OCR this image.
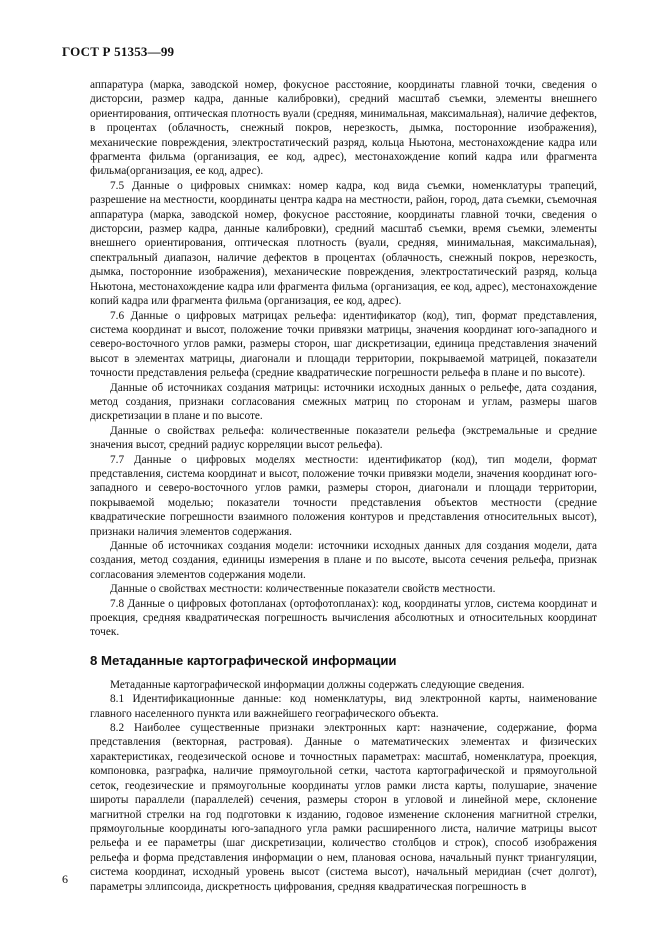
ГОСТ Р 51353—99

аппаратура (марка, заводской номер, фокусное расстояние, координаты главной точки, сведения о дисторсии, размер кадра, данные калибровки), средний масштаб съемки, элементы внешнего ориентирования, оптическая плотность вуали (средняя, минимальная, максимальная), наличие дефектов, в процентах (облачность, снежный покров, нерезкость, дымка, посторонние изображения), механические повреждения, электростатический разряд, кольца Ньютона, местонахождение кадра или фрагмента фильма (организация, ее код, адрес), местонахождение копий кадра или фрагмента фильма(организация, ее код, адрес).

7.5 Данные о цифровых снимках: номер кадра, код вида съемки, номенклатуры трапеций, разрешение на местности, координаты центра кадра на местности, район, город, дата съемки, съемочная аппаратура (марка, заводской номер, фокусное расстояние, координаты главной точки, сведения о дисторсии, размер кадра, данные калибровки), средний масштаб съемки, время съемки, элементы внешнего ориентирования, оптическая плотность (вуали, средняя, минимальная, максимальная), спектральный диапазон, наличие дефектов в процентах (облачность, снежный покров, нерезкость, дымка, посторонние изображения), механические повреждения, электростатический разряд, кольца Ньютона, местонахождение кадра или фрагмента фильма (организация, ее код, адрес), местонахождение копий кадра или фрагмента фильма (организация, ее код, адрес).

7.6 Данные о цифровых матрицах рельефа: идентификатор (код), тип, формат представления, система координат и высот, положение точки привязки матрицы, значения координат юго-западного и северо-восточного углов рамки, размеры сторон, шаг дискретизации, единица представления значений высот в элементах матрицы, диагонали и площади территории, покрываемой матрицей, показатели точности представления рельефа (средние квадратические погрешности рельефа в плане и по высоте).

Данные об источниках создания матрицы: источники исходных данных о рельефе, дата создания, метод создания, признаки согласования смежных матриц по сторонам и углам, размеры шагов дискретизации в плане и по высоте.

Данные о свойствах рельефа: количественные показатели рельефа (экстремальные и средние значения высот, средний радиус корреляции высот рельефа).

7.7 Данные о цифровых моделях местности: идентификатор (код), тип модели, формат представления, система координат и высот, положение точки привязки модели, значения координат юго-западного и северо-восточного углов рамки, размеры сторон, диагонали и площади территории, покрываемой моделью; показатели точности представления объектов местности (средние квадратические погрешности взаимного положения контуров и представления относительных высот), признаки наличия элементов содержания.

Данные об источниках создания модели: источники исходных данных для создания модели, дата создания, метод создания, единицы измерения в плане и по высоте, высота сечения рельефа, признак согласования элементов содержания модели.

Данные о свойствах местности: количественные показатели свойств местности.

7.8 Данные о цифровых фотопланах (ортофотопланах): код, координаты углов, система координат и проекция, средняя квадратическая погрешность вычисления абсолютных и относительных координат точек.

8 Метаданные картографической информации

Метаданные картографической информации должны содержать следующие сведения.

8.1 Идентификационные данные: код номенклатуры, вид электронной карты, наименование главного населенного пункта или важнейшего географического объекта.

8.2 Наиболее существенные признаки электронных карт: назначение, содержание, форма представления (векторная, растровая). Данные о математических элементах и физических характеристиках, геодезической основе и точностных параметрах: масштаб, номенклатура, проекция, компоновка, разграфка, наличие прямоугольной сетки, частота картографической и прямоугольной сеток, геодезические и прямоугольные координаты углов рамки листа карты, полушарие, значение широты параллели (параллелей) сечения, размеры сторон в угловой и линейной мере, склонение магнитной стрелки на год подготовки к изданию, годовое изменение склонения магнитной стрелки, прямоугольные координаты юго-западного угла рамки расширенного листа, наличие матрицы высот рельефа и ее параметры (шаг дискретизации, количество столбцов и строк), способ изображения рельефа и форма представления информации о нем, плановая основа, начальный пункт триангуляции, система координат, исходный уровень высот (система высот), начальный меридиан (счет долгот), параметры эллипсоида, дискретность цифрования, средняя квадратическая погрешность в

6
